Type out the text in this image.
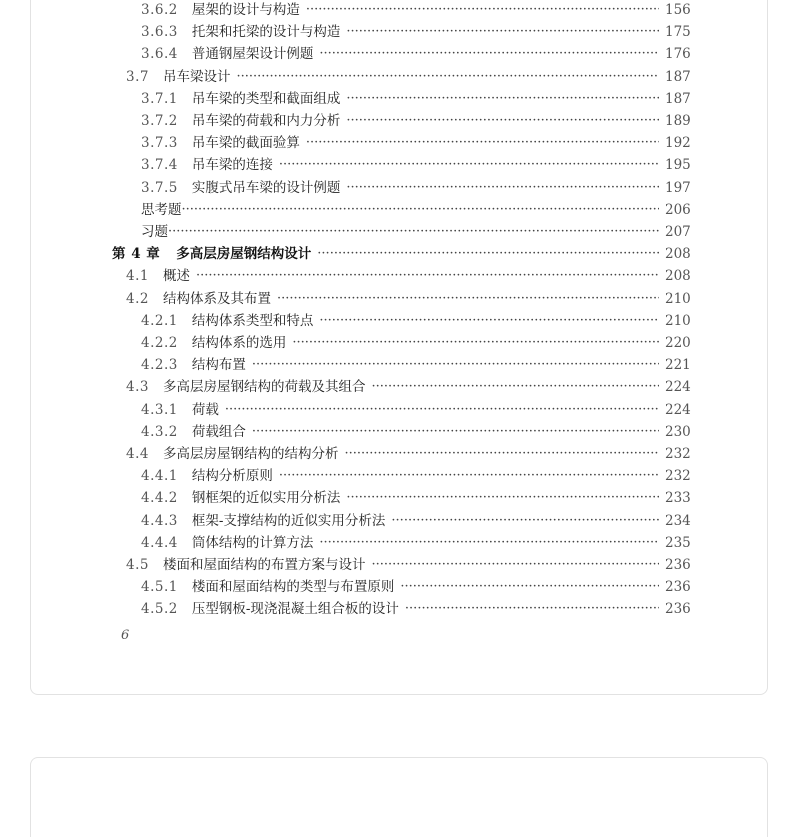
3.6.2 屋架的设计与构造 ·····	156
3.6.3 托架和托梁的设计与构造 ·····	175
3.6.4 普通钢屋架设计例题 ·····	176
3.7 吊车梁设计 ·····	187
3.7.1 吊车梁的类型和截面组成 ·····	187
3.7.2 吊车梁的荷载和内力分析 ·····	189
3.7.3 吊车梁的截面验算 ·····	192
3.7.4 吊车梁的连接 ·····	195
3.7.5 实腹式吊车梁的设计例题 ·····	197
思考题 ·····	206
习题 ·····	207
第 4 章 多高层房屋钢结构设计 ·····	208
4.1 概述 ·····	208
4.2 结构体系及其布置 ·····	210
4.2.1 结构体系类型和特点 ·····	210
4.2.2 结构体系的选用 ·····	220
4.2.3 结构布置 ·····	221
4.3 多高层房屋钢结构的荷载及其组合 ·····	224
4.3.1 荷载 ·····	224
4.3.2 荷载组合 ·····	230
4.4 多高层房屋钢结构的结构分析 ·····	232
4.4.1 结构分析原则 ·····	232
4.4.2 钢框架的近似实用分析法 ·····	233
4.4.3 框架-支撑结构的近似实用分析法 ·····	234
4.4.4 筒体结构的计算方法 ·····	235
4.5 楼面和屋面结构的布置方案与设计 ·····	236
4.5.1 楼面和屋面结构的类型与布置原则 ·····	236
4.5.2 压型钢板-现浇混凝土组合板的设计 ·····	236
6
